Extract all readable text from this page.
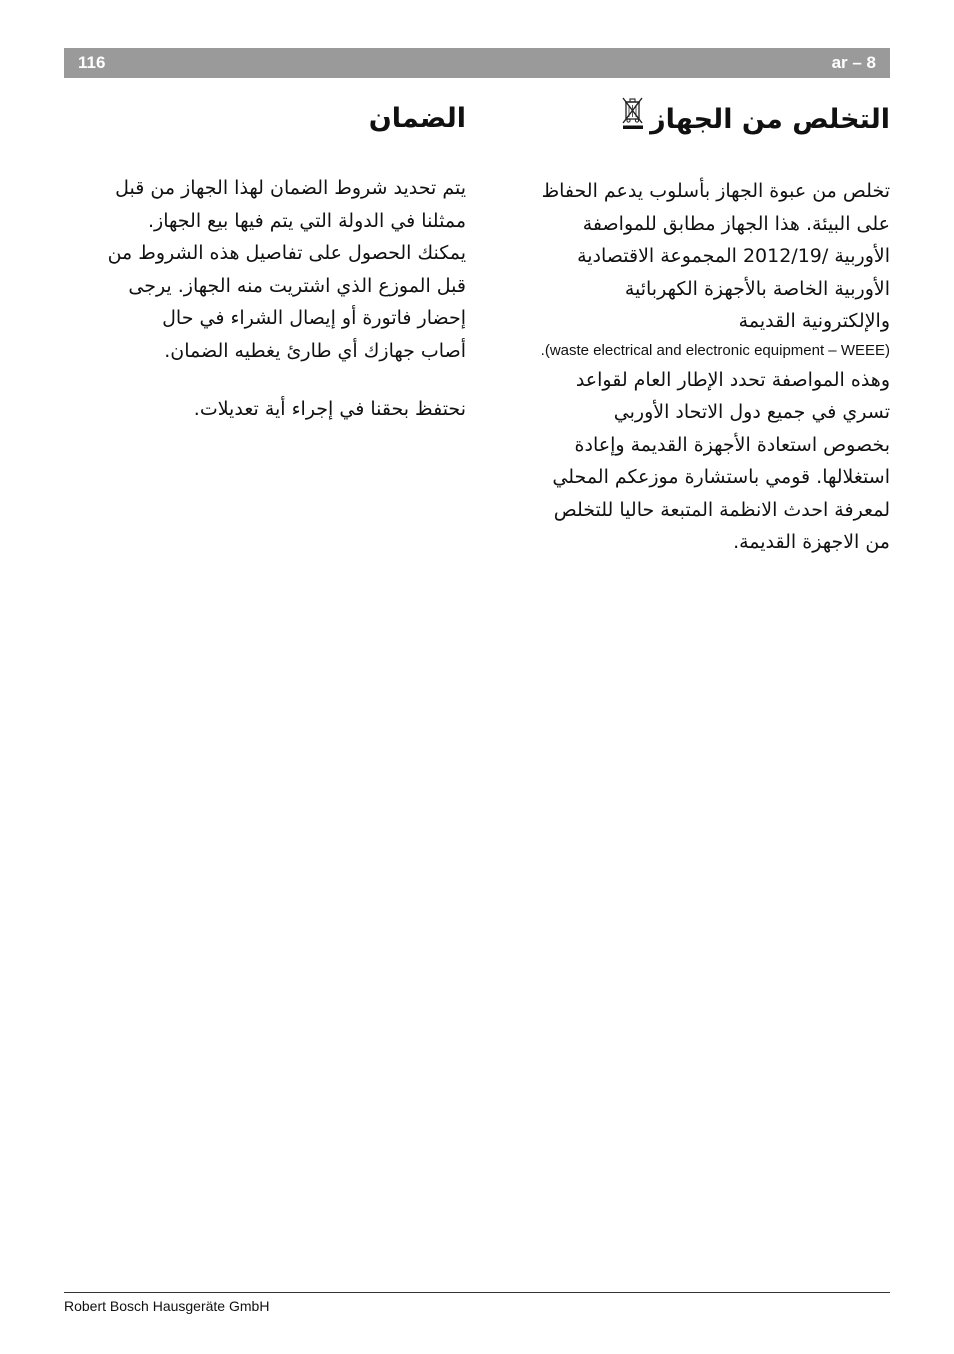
116	ar – 8
التخلص من الجهاز

تخلص من عبوة الجهاز بأسلوب يدعم الحفاظ

على البيئة. هذا الجهاز مطابق للمواصفة

الأوربية /2012/19 المجموعة الاقتصادية

الأوربية الخاصة بالأجهزة الكهربائية

والإلكترونية القديمة

(waste electrical and electronic equipment – WEEE).

وهذه المواصفة تحدد الإطار العام لقواعد

تسري في جميع دول الاتحاد الأوربي

بخصوص استعادة الأجهزة القديمة وإعادة

استغلالها. قومي باستشارة موزعكم المحلي

لمعرفة احدث الانظمة المتبعة حاليا للتخلص

من الاجهزة القديمة.

الضمان

يتم تحديد شروط الضمان لهذا الجهاز من قبل

ممثلنا في الدولة التي يتم فيها بيع الجهاز.

يمكنك الحصول على تفاصيل هذه الشروط من

قبل الموزع الذي اشتريت منه الجهاز. يرجى

إحضار فاتورة أو إيصال الشراء في حال

أصاب جهازك أي طارئ يغطيه الضمان.

نحتفظ بحقنا في إجراء أية تعديلات.

Robert Bosch Hausgeräte GmbH
